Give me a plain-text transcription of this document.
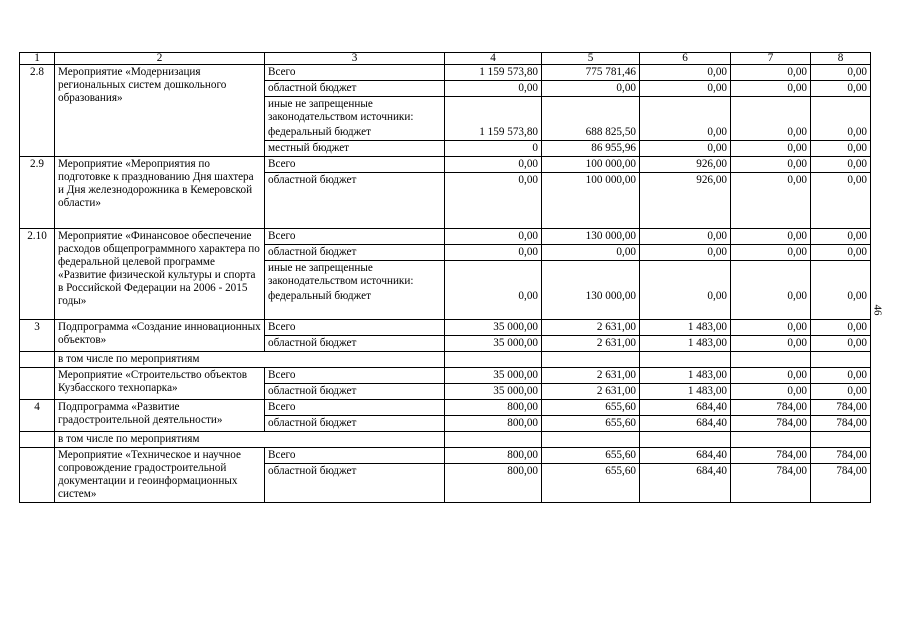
1	2	3	4	5	6	7	8
2.8	Мероприятие «Модернизация региональных систем дошкольного образования»	Всего	1 159 573,80	775 781,46	0,00	0,00	0,00
		областной бюджет	0,00	0,00	0,00	0,00	0,00
		иные не запрещенные законодательством источники:					
		федеральный бюджет	1 159 573,80	688 825,50	0,00	0,00	0,00
		местный бюджет	0	86 955,96	0,00	0,00	0,00
2.9	Мероприятие «Мероприятия по подготовке к празднованию Дня шахтера и Дня железнодорожника в Кемеровской области»	Всего	0,00	100 000,00	926,00	0,00	0,00
		областной бюджет	0,00	100 000,00	926,00	0,00	0,00
2.10	Мероприятие «Финансовое обеспечение расходов общепрограммного характера по федеральной целевой программе «Развитие физической культуры и спорта в Российской Федерации на 2006 - 2015 годы»	Всего	0,00	130 000,00	0,00	0,00	0,00
		областной бюджет	0,00	0,00	0,00	0,00	0,00
		иные не запрещенные законодательством источники:					
		федеральный бюджет	0,00	130 000,00	0,00	0,00	0,00
3	Подпрограмма «Создание инновационных объектов»	Всего	35 000,00	2 631,00	1 483,00	0,00	0,00
		областной бюджет	35 000,00	2 631,00	1 483,00	0,00	0,00
	в том числе по мероприятиям						
	Мероприятие «Строительство объектов Кузбасского технопарка»	Всего	35 000,00	2 631,00	1 483,00	0,00	0,00
		областной бюджет	35 000,00	2 631,00	1 483,00	0,00	0,00
4	Подпрограмма «Развитие градостроительной деятельности»	Всего	800,00	655,60	684,40	784,00	784,00
		областной бюджет	800,00	655,60	684,40	784,00	784,00
	в том числе по мероприятиям						
	Мероприятие «Техническое и научное сопровождение градостроительной документации и геоинформационных систем»	Всего	800,00	655,60	684,40	784,00	784,00
		областной бюджет	800,00	655,60	684,40	784,00	784,00
46
